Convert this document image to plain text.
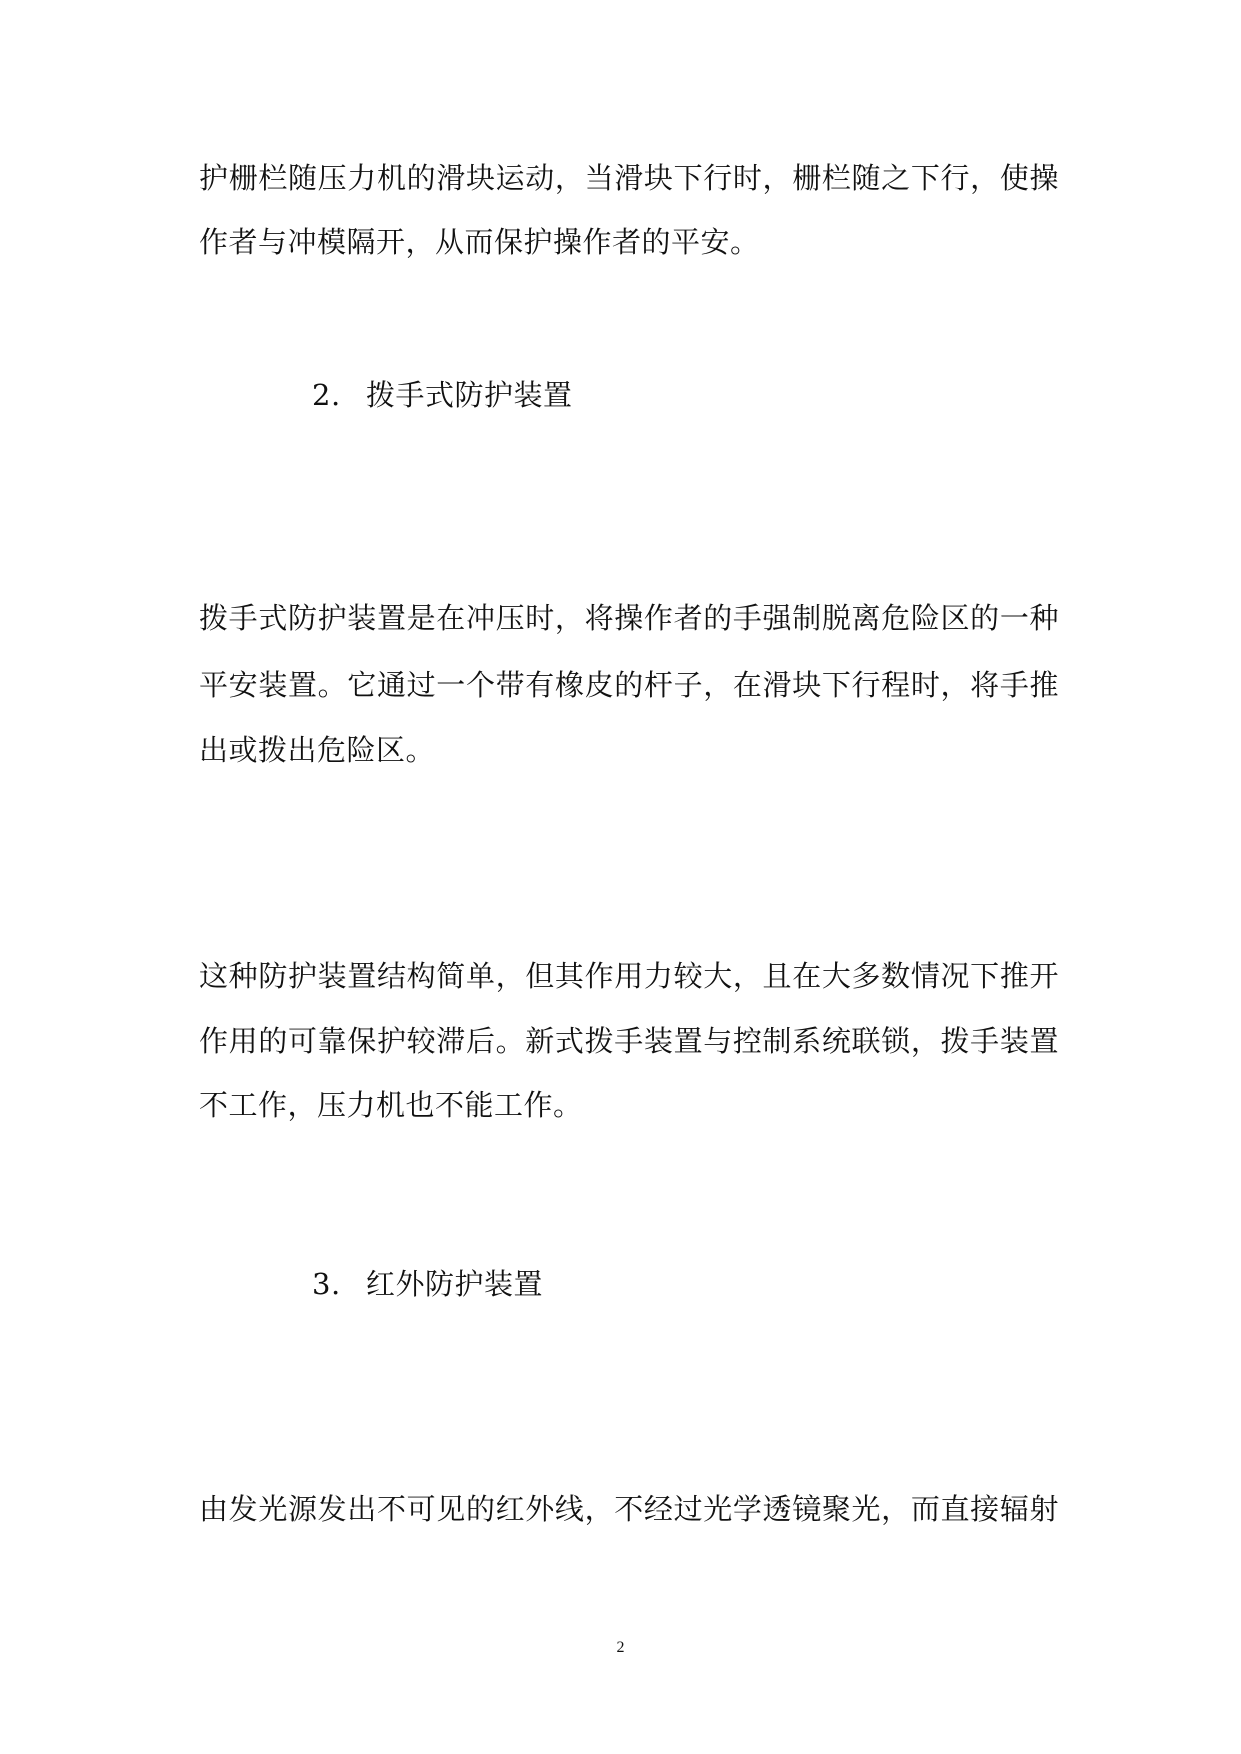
护栅栏随压力机的滑块运动，当滑块下行时，栅栏随之下行，使操
作者与冲模隔开，从而保护操作者的平安。
2. 拨手式防护装置
拨手式防护装置是在冲压时，将操作者的手强制脱离危险区的一种
平安装置。它通过一个带有橡皮的杆子，在滑块下行程时，将手推
出或拨出危险区。
这种防护装置结构简单，但其作用力较大，且在大多数情况下推开
作用的可靠保护较滞后。新式拨手装置与控制系统联锁，拨手装置
不工作，压力机也不能工作。
3. 红外防护装置
由发光源发出不可见的红外线，不经过光学透镜聚光，而直接辐射
2
